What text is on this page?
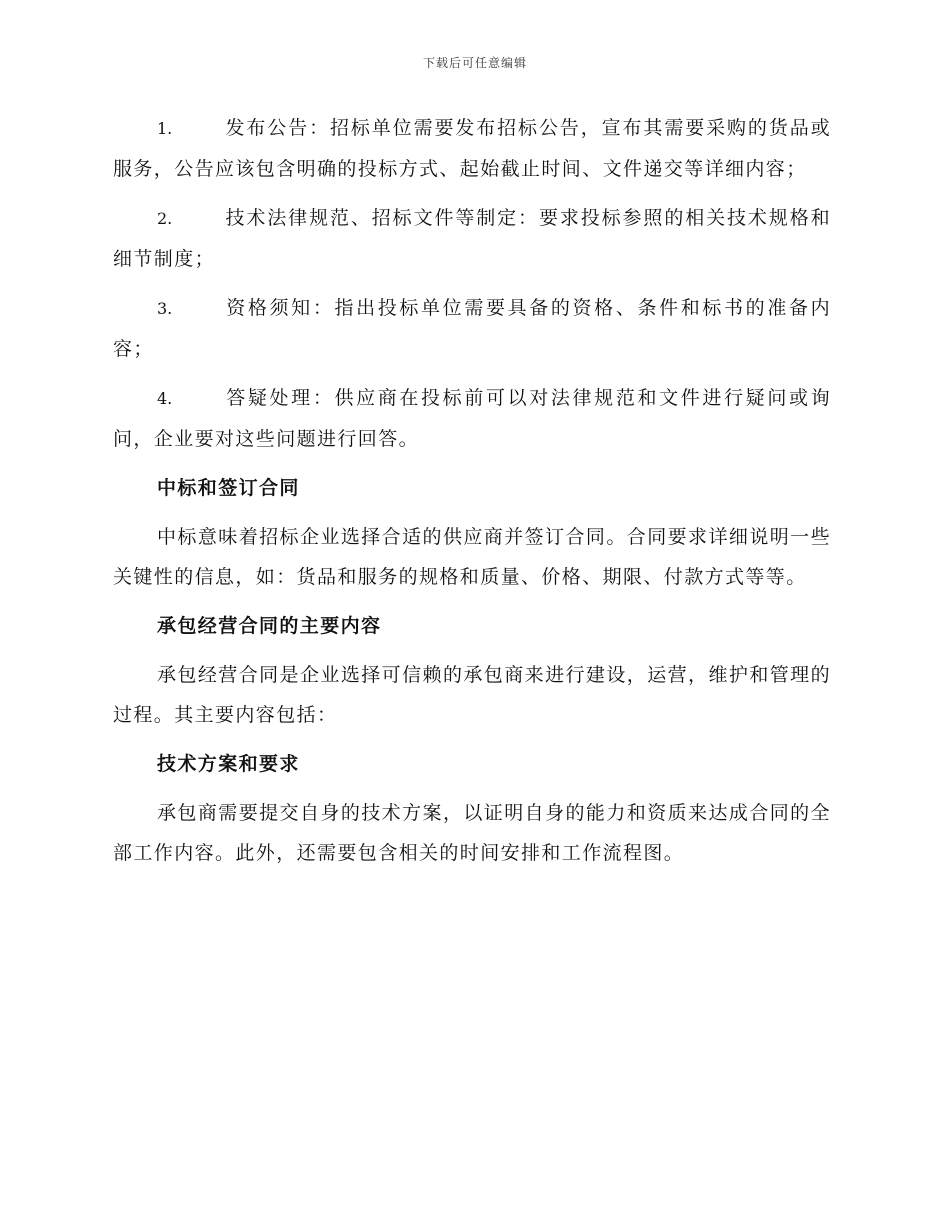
下载后可任意编辑

1.	发布公告：招标单位需要发布招标公告，宣布其需要采购的货品或服务，公告应该包含明确的投标方式、起始截止时间、文件递交等详细内容；

2.	技术法律规范、招标文件等制定：要求投标参照的相关技术规格和细节制度；

3.	资格须知：指出投标单位需要具备的资格、条件和标书的准备内容；

4.	答疑处理：供应商在投标前可以对法律规范和文件进行疑问或询问，企业要对这些问题进行回答。

中标和签订合同

中标意味着招标企业选择合适的供应商并签订合同。合同要求详细说明一些关键性的信息，如：货品和服务的规格和质量、价格、期限、付款方式等等。

承包经营合同的主要内容

承包经营合同是企业选择可信赖的承包商来进行建设，运营，维护和管理的过程。其主要内容包括：

技术方案和要求

承包商需要提交自身的技术方案，以证明自身的能力和资质来达成合同的全部工作内容。此外，还需要包含相关的时间安排和工作流程图。
